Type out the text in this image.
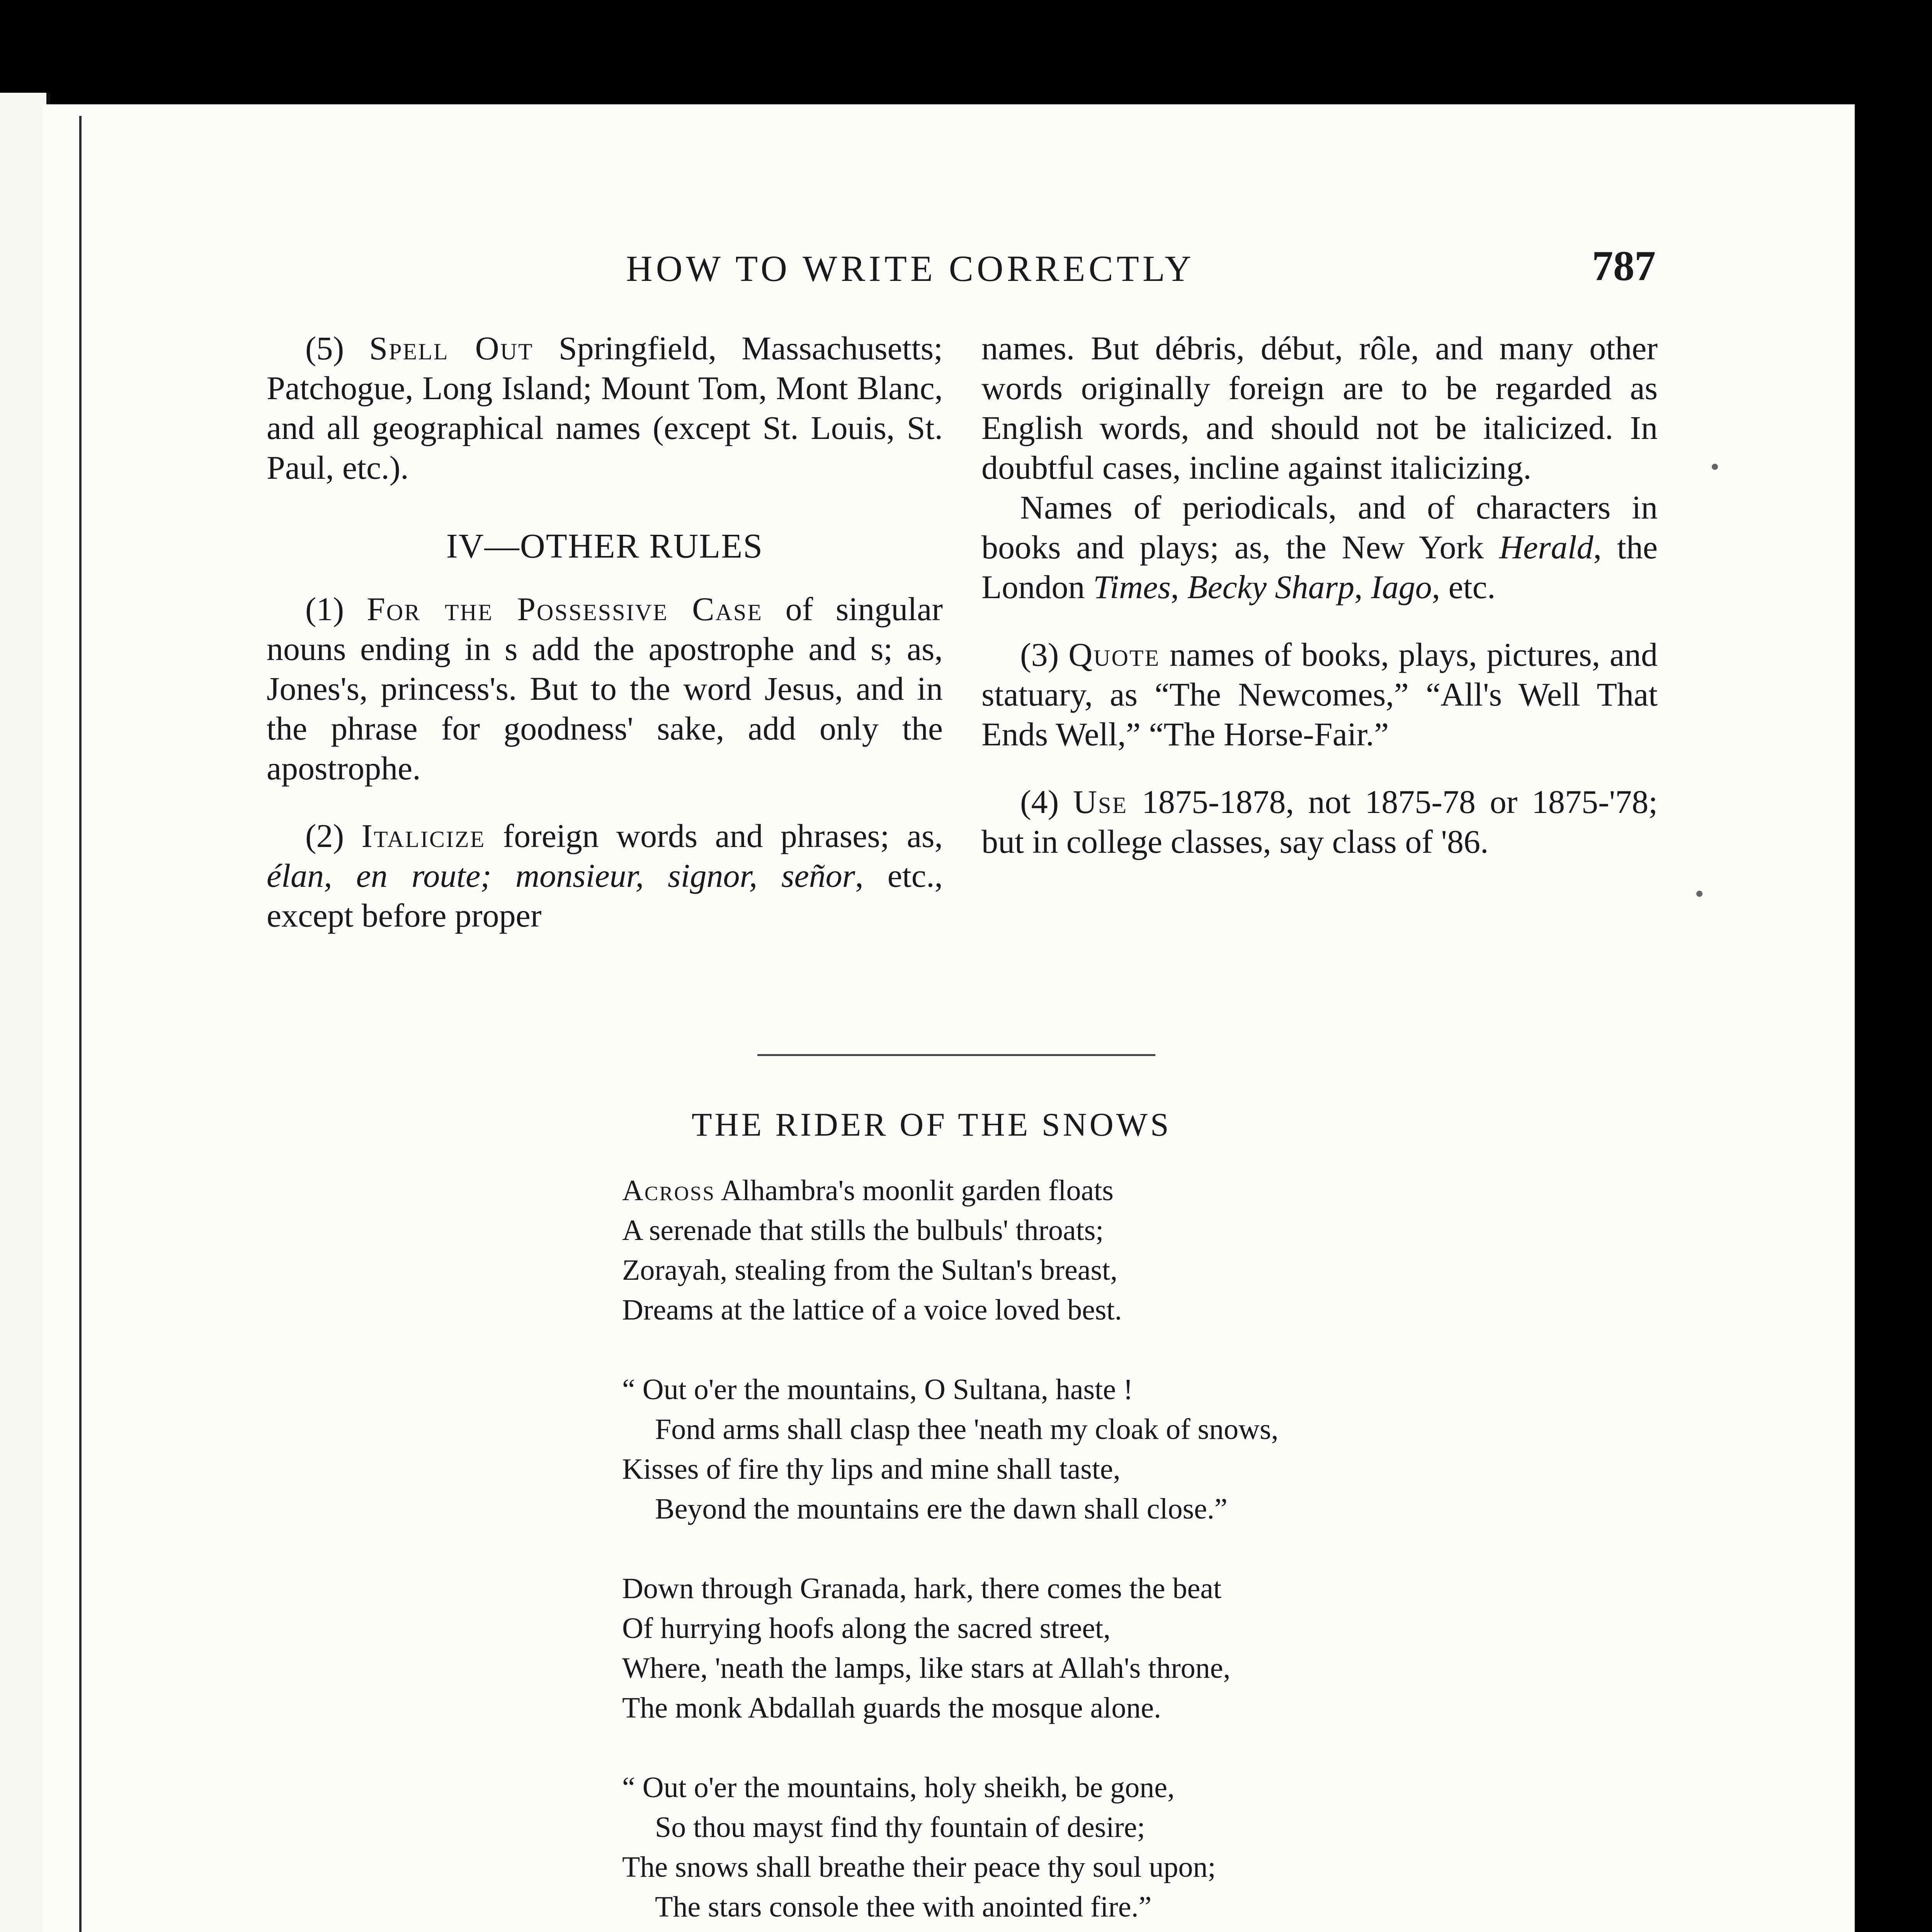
HOW TO WRITE CORRECTLY	787

(5) Spell Out Springfield, Massachusetts; Patchogue, Long Island; Mount Tom, Mont Blanc, and all geographical names (except St. Louis, St. Paul, etc.).

IV—OTHER RULES

(1) For the Possessive Case of singular nouns ending in s add the apostrophe and s; as, Jones's, princess's. But to the word Jesus, and in the phrase for goodness' sake, add only the apostrophe.

(2) Italicize foreign words and phrases; as, élan, en route; monsieur, signor, señor, etc., except before proper

names. But débris, début, rôle, and many other words originally foreign are to be regarded as English words, and should not be italicized. In doubtful cases, incline against italicizing.

Names of periodicals, and of characters in books and plays; as, the New York Herald, the London Times, Becky Sharp, Iago, etc.

(3) Quote names of books, plays, pictures, and statuary, as “The Newcomes,” “All's Well That Ends Well,” “The Horse-Fair.”

(4) Use 1875-1878, not 1875-78 or 1875-'78; but in college classes, say class of '86.

THE RIDER OF THE SNOWS
Across Alhambra's moonlit garden floats
A serenade that stills the bulbuls' throats;
Zorayah, stealing from the Sultan's breast,
Dreams at the lattice of a voice loved best.
“ Out o'er the mountains, O Sultana, haste !
Fond arms shall clasp thee 'neath my cloak of snows,
Kisses of fire thy lips and mine shall taste,
Beyond the mountains ere the dawn shall close.”
Down through Granada, hark, there comes the beat
Of hurrying hoofs along the sacred street,
Where, 'neath the lamps, like stars at Allah's throne,
The monk Abdallah guards the mosque alone.
“ Out o'er the mountains, holy sheikh, be gone,
So thou mayst find thy fountain of desire;
The snows shall breathe their peace thy soul upon;
The stars console thee with anointed fire.”
